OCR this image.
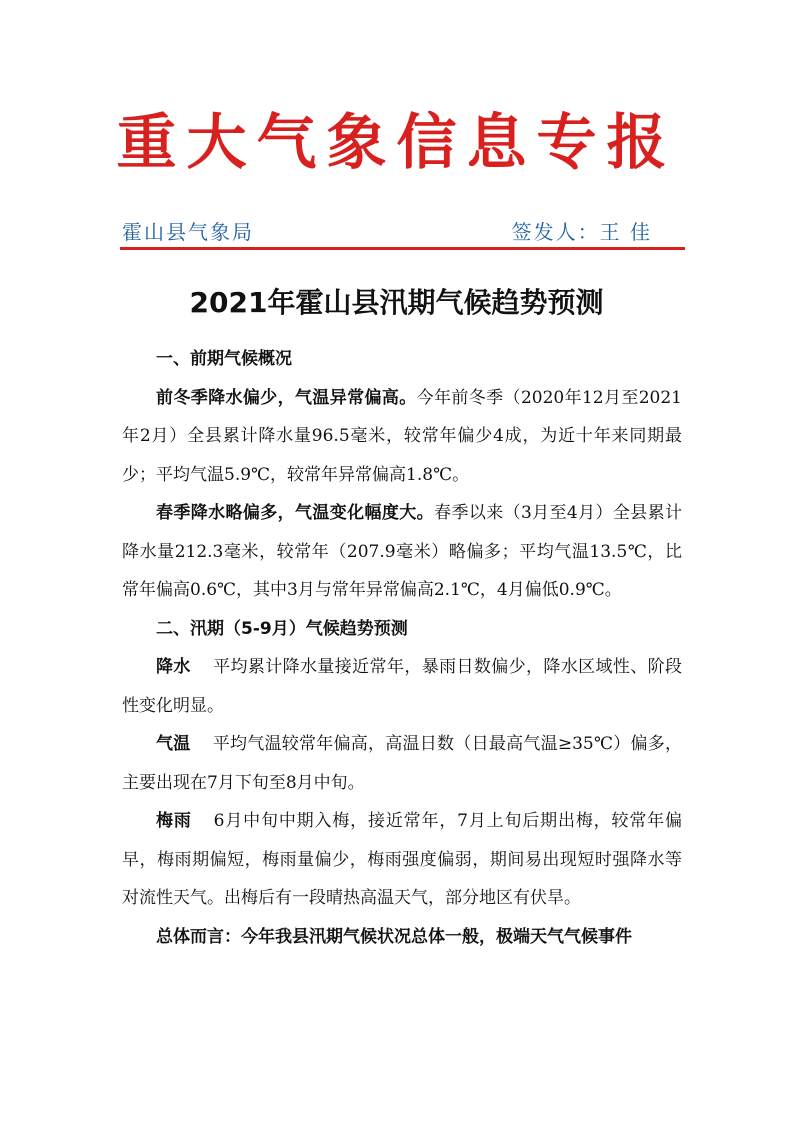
重大气象信息专报
霍山县气象局	签发人：王 佳
2021年霍山县汛期气候趋势预测

一、前期气候概况

前冬季降水偏少，气温异常偏高。今年前冬季（2020年12月至2021年2月）全县累计降水量96.5毫米，较常年偏少4成，为近十年来同期最少；平均气温5.9℃，较常年异常偏高1.8℃。

春季降水略偏多，气温变化幅度大。春季以来（3月至4月）全县累计降水量212.3毫米，较常年（207.9毫米）略偏多；平均气温13.5℃，比常年偏高0.6℃，其中3月与常年异常偏高2.1℃，4月偏低0.9℃。

二、汛期（5-9月）气候趋势预测

降水 平均累计降水量接近常年，暴雨日数偏少，降水区域性、阶段性变化明显。

气温 平均气温较常年偏高，高温日数（日最高气温≥35℃）偏多，主要出现在7月下旬至8月中旬。

梅雨 6月中旬中期入梅，接近常年，7月上旬后期出梅，较常年偏早，梅雨期偏短，梅雨量偏少，梅雨强度偏弱，期间易出现短时强降水等对流性天气。出梅后有一段晴热高温天气，部分地区有伏旱。

总体而言：今年我县汛期气候状况总体一般，极端天气气候事件
